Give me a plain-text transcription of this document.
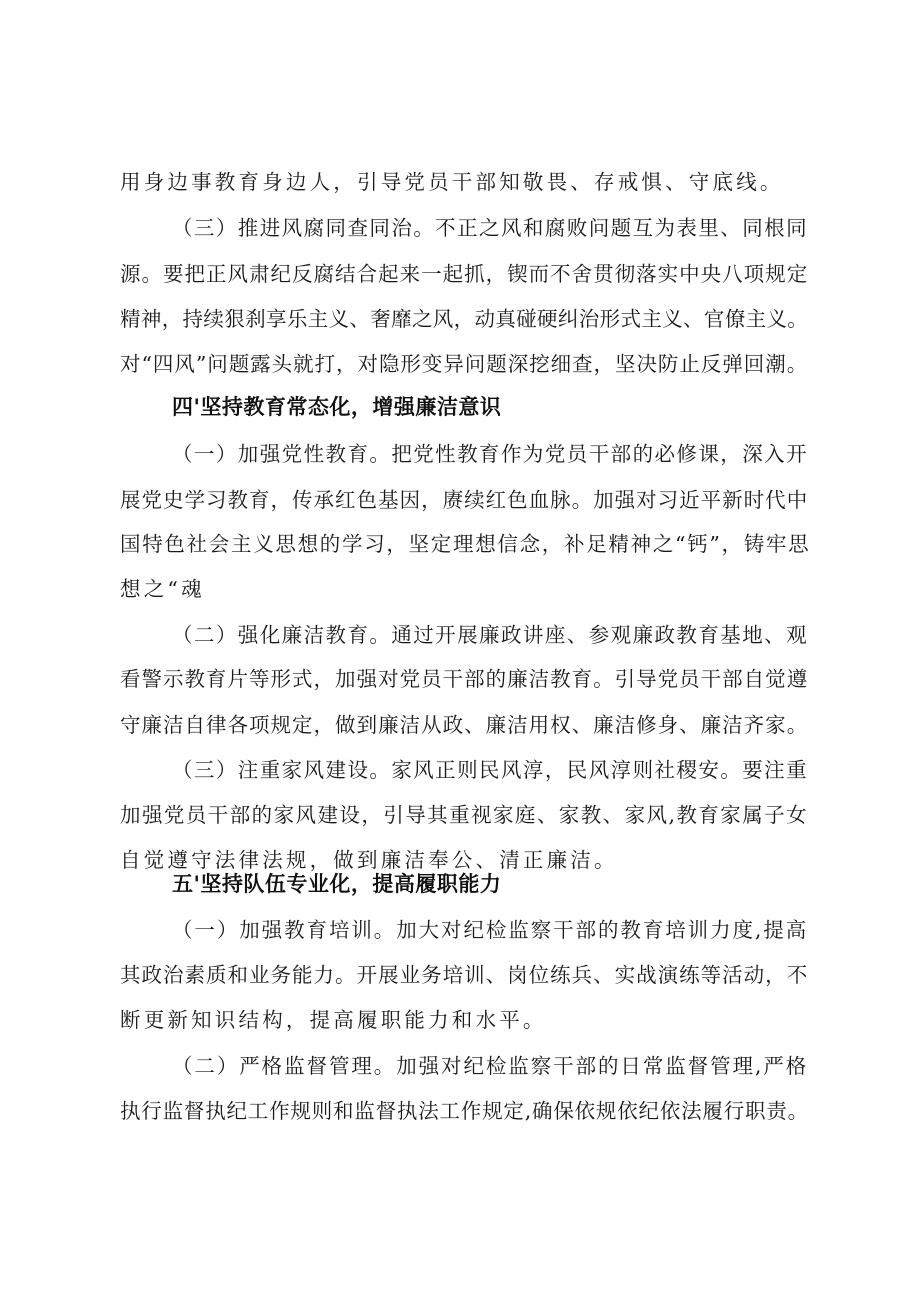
用身边事教育身边人，引导党员干部知敬畏、存戒惧、守底线。
（三）推进风腐同查同治。不正之风和腐败问题互为表里、同根同
源。要把正风肃纪反腐结合起来一起抓，锲而不舍贯彻落实中央八项规定
精神，持续狠刹享乐主义、奢靡之风，动真碰硬纠治形式主义、官僚主义。
对“四风”问题露头就打，对隐形变异问题深挖细查，坚决防止反弹回潮。
四'坚持教育常态化，增强廉洁意识
（一）加强党性教育。把党性教育作为党员干部的必修课，深入开
展党史学习教育，传承红色基因，赓续红色血脉。加强对习近平新时代中
国特色社会主义思想的学习，坚定理想信念，补足精神之“钙”，铸牢思
想之“魂
（二）强化廉洁教育。通过开展廉政讲座、参观廉政教育基地、观
看警示教育片等形式，加强对党员干部的廉洁教育。引导党员干部自觉遵
守廉洁自律各项规定，做到廉洁从政、廉洁用权、廉洁修身、廉洁齐家。
（三）注重家风建设。家风正则民风淳，民风淳则社稷安。要注重
加强党员干部的家风建设，引导其重视家庭、家教、家风,教育家属子女
自觉遵守法律法规，做到廉洁奉公、清正廉洁。
五'坚持队伍专业化，提高履职能力
（一）加强教育培训。加大对纪检监察干部的教育培训力度,提高
其政治素质和业务能力。开展业务培训、岗位练兵、实战演练等活动，不
断更新知识结构，提高履职能力和水平。
（二）严格监督管理。加强对纪检监察干部的日常监督管理,严格
执行监督执纪工作规则和监督执法工作规定,确保依规依纪依法履行职责。
